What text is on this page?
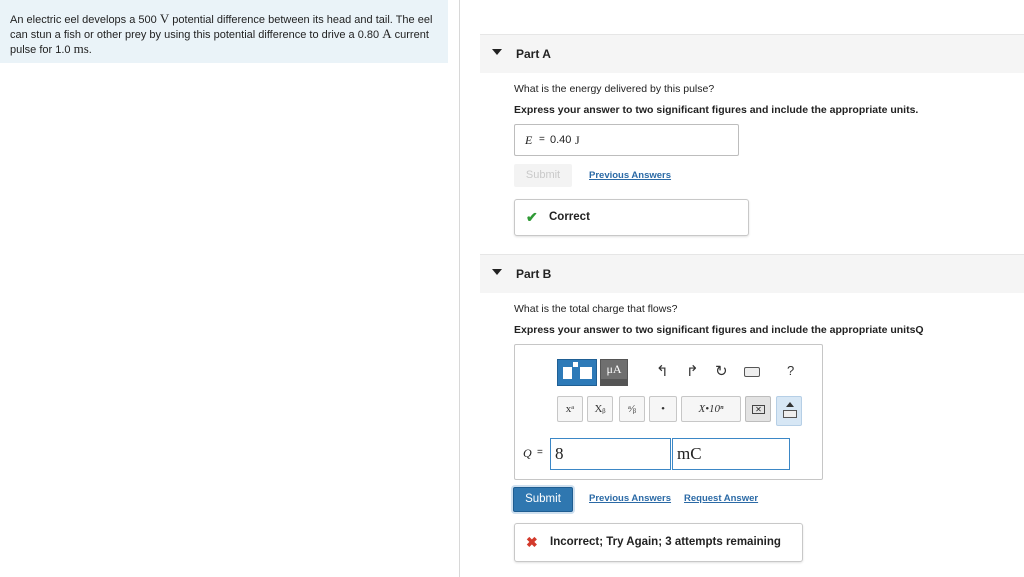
An electric eel develops a 500 V potential difference between its head and tail. The eel can stun a fish or other prey by using this potential difference to drive a 0.80 A current pulse for 1.0 ms.	Part A
What is the energy delivered by this pulse?
Express your answer to two significant figures and include the appropriate units.
E = 0.40 J
Submit	Previous Answers
✔ Correct
Part B
What is the total charge that flows?
Express your answer to two significant figures and include the appropriate unitsQ
μA	↰ ↱ ↻	?
xᵃ	Xᵦ	ᵃ⁄ᵦ	•	X•10ⁿ	✕
Q = 8	mC
Submit	Previous Answers Request Answer
✖ Incorrect; Try Again; 3 attempts remaining
